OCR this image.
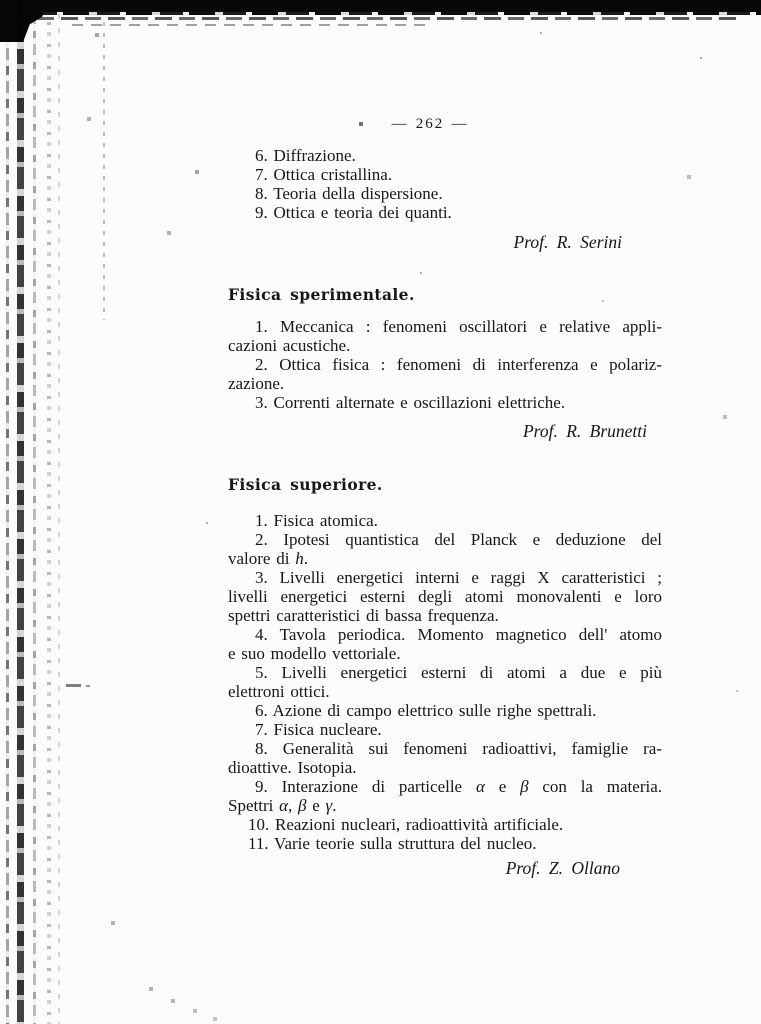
— 262 —

6. Diffrazione.

7. Ottica cristallina.

8. Teoria della dispersione.

9. Ottica e teoria dei quanti.

Prof. R. Serini

Fisica sperimentale.

1. Meccanica : fenomeni oscillatori e relative appli-
cazioni acustiche.

2. Ottica fisica : fenomeni di interferenza e polariz-
zazione.

3. Correnti alternate e oscillazioni elettriche.

Prof. R. Brunetti

Fisica superiore.

1. Fisica atomica.

2. Ipotesi quantistica del Planck e deduzione del
valore di h.

3. Livelli energetici interni e raggi X caratteristici ;
livelli energetici esterni degli atomi monovalenti e loro
spettri caratteristici di bassa frequenza.

4. Tavola periodica. Momento magnetico dell' atomo
e suo modello vettoriale.

5. Livelli energetici esterni di atomi a due e più
elettroni ottici.

6. Azione di campo elettrico sulle righe spettrali.

7. Fisica nucleare.

8. Generalità sui fenomeni radioattivi, famiglie ra-
dioattive. Isotopia.

9. Interazione di particelle α e β con la materia.
Spettri α, β e γ.

10. Reazioni nucleari, radioattività artificiale.

11. Varie teorie sulla struttura del nucleo.

Prof. Z. Ollano
